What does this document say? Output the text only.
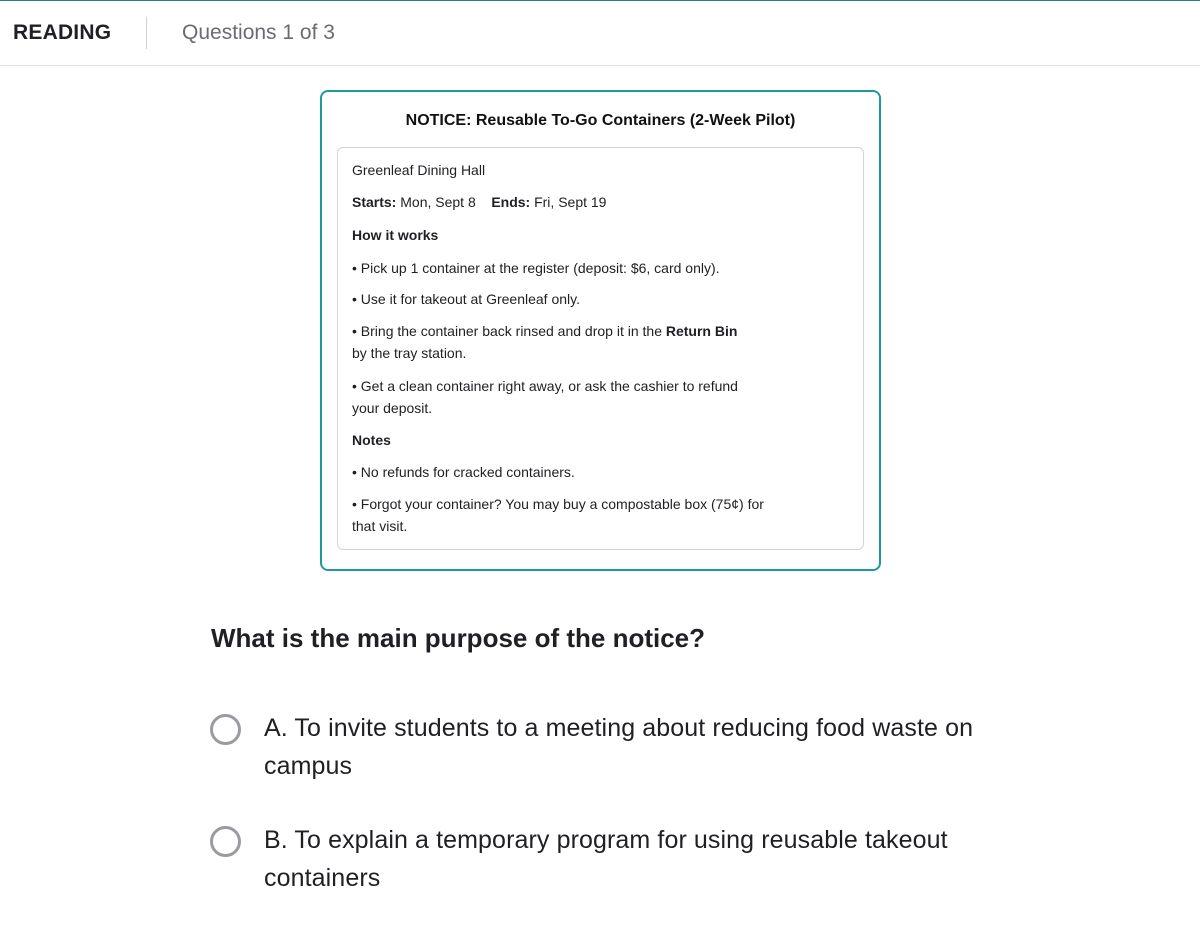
READING	Questions 1 of 3
NOTICE: Reusable To-Go Containers (2-Week Pilot)
Greenleaf Dining Hall
Starts: Mon, Sept 8 Ends: Fri, Sept 19
How it works
• Pick up 1 container at the register (deposit: $6, card only).
• Use it for takeout at Greenleaf only.
• Bring the container back rinsed and drop it in the Return Bin
by the tray station.
• Get a clean container right away, or ask the cashier to refund
your deposit.
Notes
• No refunds for cracked containers.
• Forgot your container? You may buy a compostable box (75¢) for
that visit.
What is the main purpose of the notice?
A. To invite students to a meeting about reducing food waste on campus
B. To explain a temporary program for using reusable takeout containers
